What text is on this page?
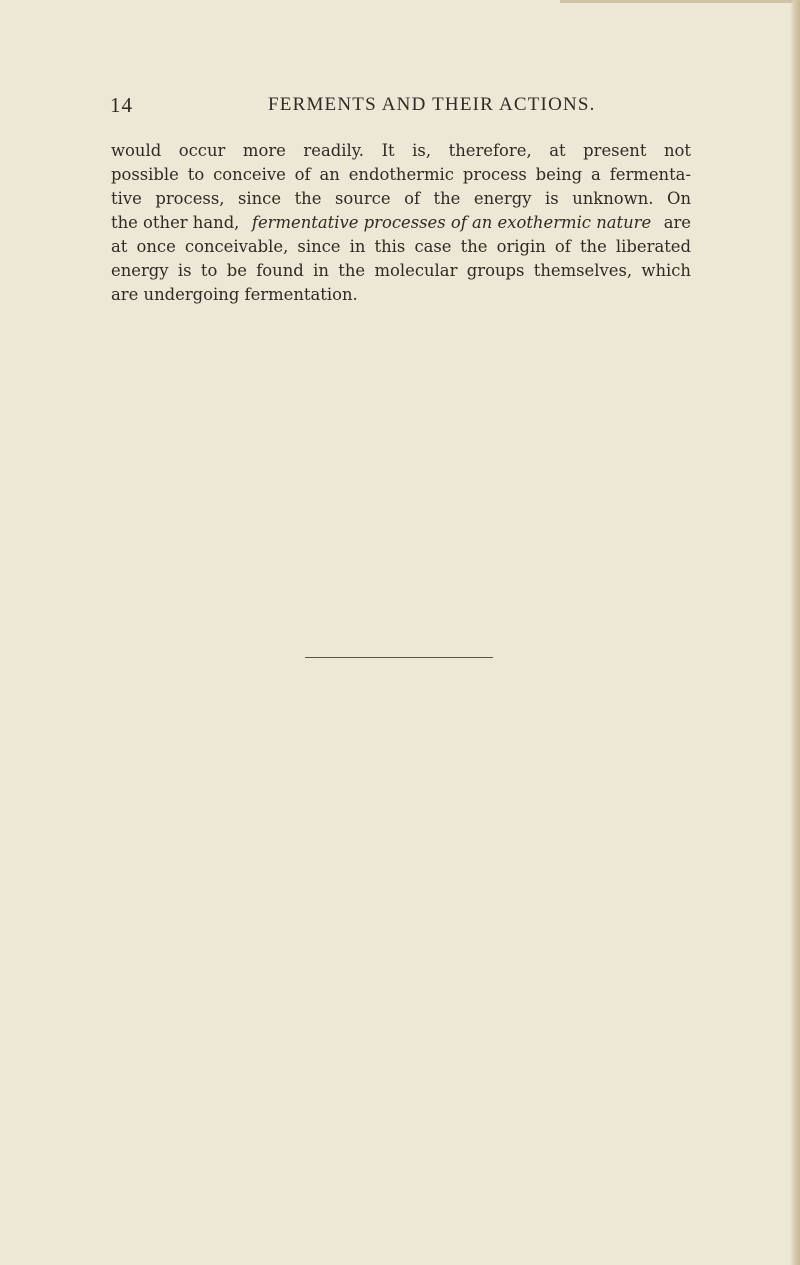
14	FERMENTS AND THEIR ACTIONS.

would occur more readily. It is, therefore, at present not
possible to conceive of an endothermic process being a fermenta-
tive process, since the source of the energy is unknown. On
the other hand, fermentative processes of an exothermic nature are
at once conceivable, since in this case the origin of the liberated
energy is to be found in the molecular groups themselves, which
are undergoing fermentation.
